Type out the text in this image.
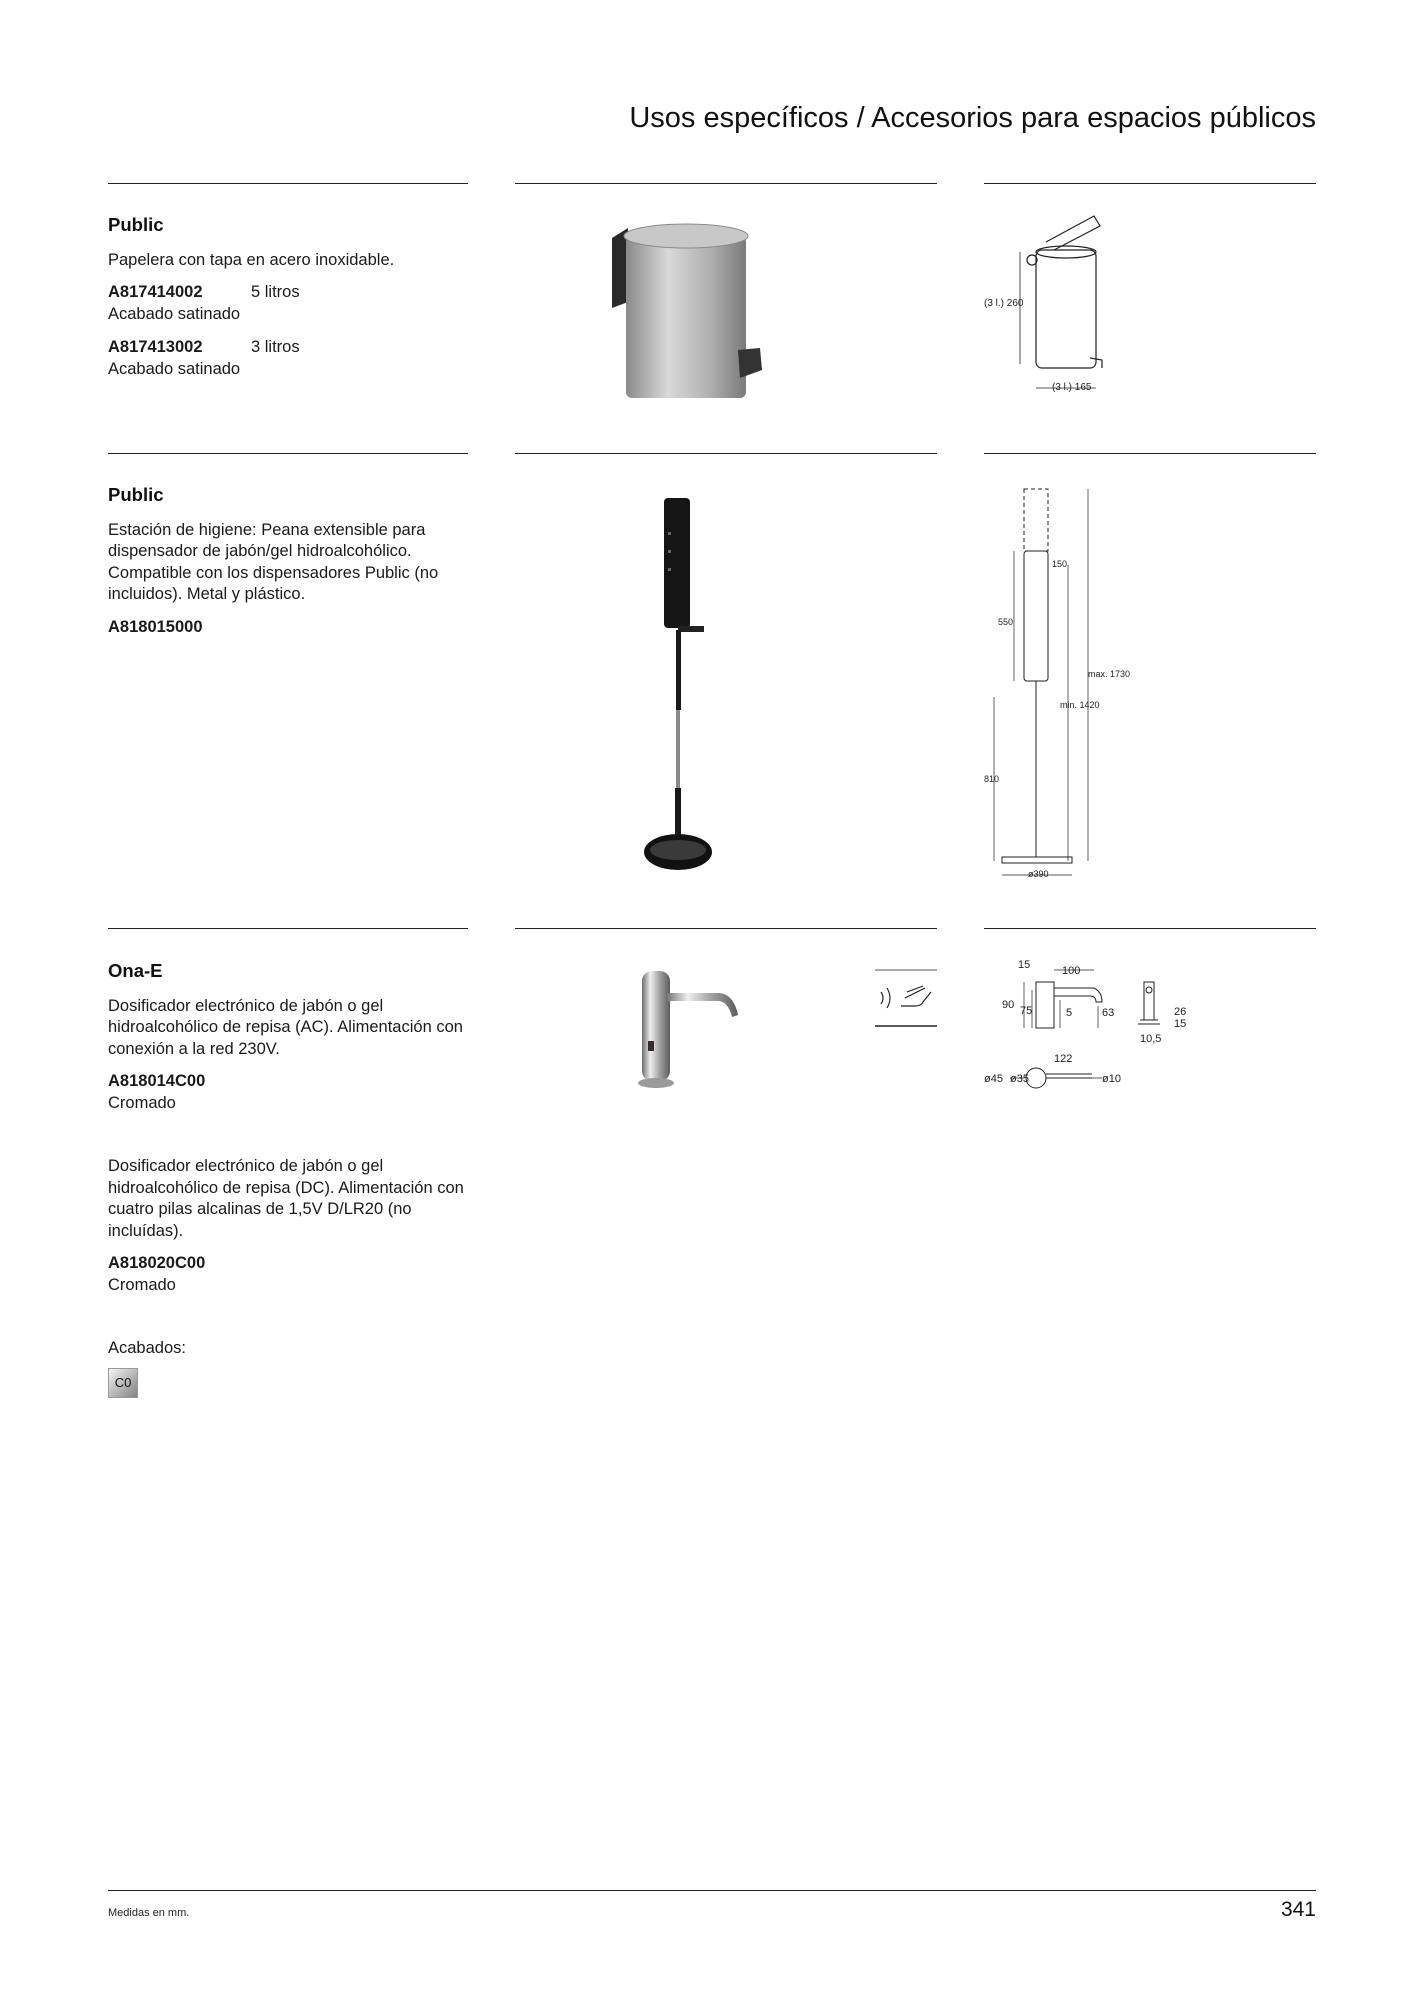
Usos específicos / Accesorios para espacios públicos

Public

Papelera con tapa en acero inoxidable.

A817414002	5 litros

Acabado satinado

A817413002	3 litros

Acabado satinado

(3 l.) 260
(3 l.) 165

Public

Estación de higiene: Peana extensible para dispensador de jabón/gel hidroalcohólico. Compatible con los dispensadores Public (no incluidos). Metal y plástico.

A818015000

150
550
max. 1730
min. 1420
810
ø390

Ona-E

Dosificador electrónico de jabón o gel hidroalcohólico de repisa (AC). Alimentación con conexión a la red 230V.

A818014C00

Cromado

Dosificador electrónico de jabón o gel hidroalcohólico de repisa (DC). Alimentación con cuatro pilas alcalinas de 1,5V D/LR20 (no incluídas).

A818020C00

Cromado

Acabados:

C0
15	100
90 75	5	63	26
15
10,5
122
ø45 ø35	ø10
Medidas en mm.	341
